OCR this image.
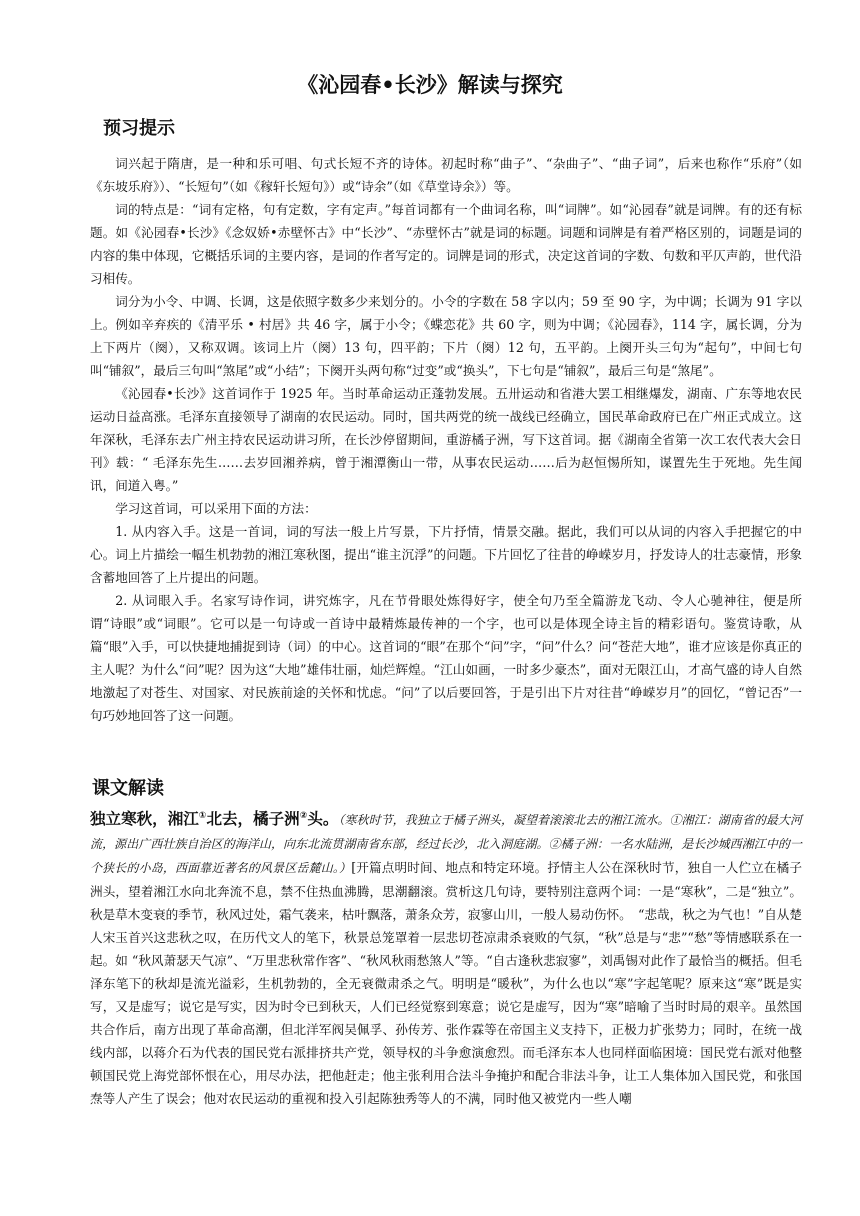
《沁园春•长沙》解读与探究
预习提示

词兴起于隋唐，是一种和乐可唱、句式长短不齐的诗体。初起时称“曲子”、“杂曲子”、“曲子词”，后来也称作“乐府”（如《东坡乐府》）、“长短句”（如《稼轩长短句》）或“诗余”（如《草堂诗余》）等。

词的特点是：“词有定格，句有定数，字有定声。”每首词都有一个曲词名称，叫“词牌”。如“沁园春”就是词牌。有的还有标题。如《沁园春•长沙》《念奴娇•赤壁怀古》中“长沙”、“赤壁怀古”就是词的标题。词题和词牌是有着严格区别的，词题是词的内容的集中体现，它概括乐词的主要内容，是词的作者写定的。词牌是词的形式，决定这首词的字数、句数和平仄声韵，世代沿习相传。

词分为小令、中调、长调，这是依照字数多少来划分的。小令的字数在 58 字以内；59 至 90 字，为中调；长调为 91 字以上。例如辛弃疾的《清平乐 • 村居》共 46 字，属于小令；《蝶恋花》共 60 字，则为中调；《沁园春》，114 字，属长调，分为上下两片（阕），又称双调。该词上片（阕）13 句，四平韵；下片（阕）12 句，五平韵。上阕开头三句为“起句”，中间七句叫“铺叙”，最后三句叫“煞尾”或“小结”；下阕开头两句称“过变”或“换头”，下七句是“铺叙”，最后三句是“煞尾”。

《沁园春•长沙》这首词作于 1925 年。当时革命运动正蓬勃发展。五卅运动和省港大罢工相继爆发，湖南、广东等地农民运动日益高涨。毛泽东直接领导了湖南的农民运动。同时，国共两党的统一战线已经确立，国民革命政府已在广州正式成立。这年深秋，毛泽东去广州主持农民运动讲习所，在长沙停留期间，重游橘子洲，写下这首词。据《湖南全省第一次工农代表大会日刊》载：“ 毛泽东先生……去岁回湘养病，曾于湘潭衡山一带，从事农民运动……后为赵恒惕所知，谋置先生于死地。先生闻讯，间道入粤。”

学习这首词，可以采用下面的方法：

1. 从内容入手。这是一首词，词的写法一般上片写景，下片抒情，情景交融。据此，我们可以从词的内容入手把握它的中心。词上片描绘一幅生机勃勃的湘江寒秋图，提出“谁主沉浮”的问题。下片回忆了往昔的峥嵘岁月，抒发诗人的壮志豪情，形象含蓄地回答了上片提出的问题。

2. 从词眼入手。名家写诗作词，讲究炼字，凡在节骨眼处炼得好字，使全句乃至全篇游龙飞动、令人心驰神往，便是所谓“诗眼”或“词眼”。它可以是一句诗或一首诗中最精炼最传神的一个字，也可以是体现全诗主旨的精彩语句。鉴赏诗歌，从篇“眼”入手，可以快捷地捕捉到诗（词）的中心。这首词的“眼”在那个“问”字，“问”什么？问“苍茫大地”，谁才应该是你真正的主人呢？为什么“问”呢？因为这“大地”雄伟壮丽，灿烂辉煌。“江山如画，一时多少豪杰”，面对无限江山，才高气盛的诗人自然地激起了对苍生、对国家、对民族前途的关怀和忧虑。“问”了以后要回答，于是引出下片对往昔“峥嵘岁月”的回忆，“曾记否”一句巧妙地回答了这一问题。

课文解读

独立寒秋，湘江①北去，橘子洲②头。（寒秋时节，我独立于橘子洲头，凝望着滚滚北去的湘江流水。①湘江：湖南省的最大河流，源出广西壮族自治区的海洋山，向东北流贯湖南省东部，经过长沙，北入洞庭湖。②橘子洲：一名水陆洲，是长沙城西湘江中的一个狭长的小岛，西面靠近著名的风景区岳麓山。）[开篇点明时间、地点和特定环境。抒情主人公在深秋时节，独自一人伫立在橘子洲头，望着湘江水向北奔流不息，禁不住热血沸腾，思潮翻滚。赏析这几句诗，要特别注意两个词：一是“寒秋”，二是“独立”。秋是草木变衰的季节，秋风过处，霜气袭来，枯叶飘落，萧条众芳，寂寥山川，一般人易动伤怀。　“悲哉，秋之为气也！”自从楚人宋玉首兴这悲秋之叹，在历代文人的笔下，秋景总笼罩着一层悲切苍凉肃杀衰败的气氛，“秋”总是与“悲”“愁”等情感联系在一起。如 “秋风萧瑟天气凉”、“万里悲秋常作客”、“秋风秋雨愁煞人”等。“自古逢秋悲寂寥”，刘禹锡对此作了最恰当的概括。但毛泽东笔下的秋却是流光溢彩，生机勃勃的，全无衰微肃杀之气。明明是“暖秋”，为什么也以“寒”字起笔呢？原来这“寒”既是实写，又是虚写；说它是写实，因为时令已到秋天，人们已经觉察到寒意；说它是虚写，因为“寒”暗喻了当时时局的艰辛。虽然国共合作后，南方出现了革命高潮，但北洋军阀吴佩孚、孙传芳、张作霖等在帝国主义支持下，正极力扩张势力；同时，在统一战线内部，以蒋介石为代表的国民党右派排挤共产党，领导权的斗争愈演愈烈。而毛泽东本人也同样面临困境：国民党右派对他整顿国民党上海党部怀恨在心，用尽办法，把他赶走；他主张利用合法斗争掩护和配合非法斗争，让工人集体加入国民党，和张国焘等人产生了误会；他对农民运动的重视和投入引起陈独秀等人的不满，同时他又被党内一些人嘲
